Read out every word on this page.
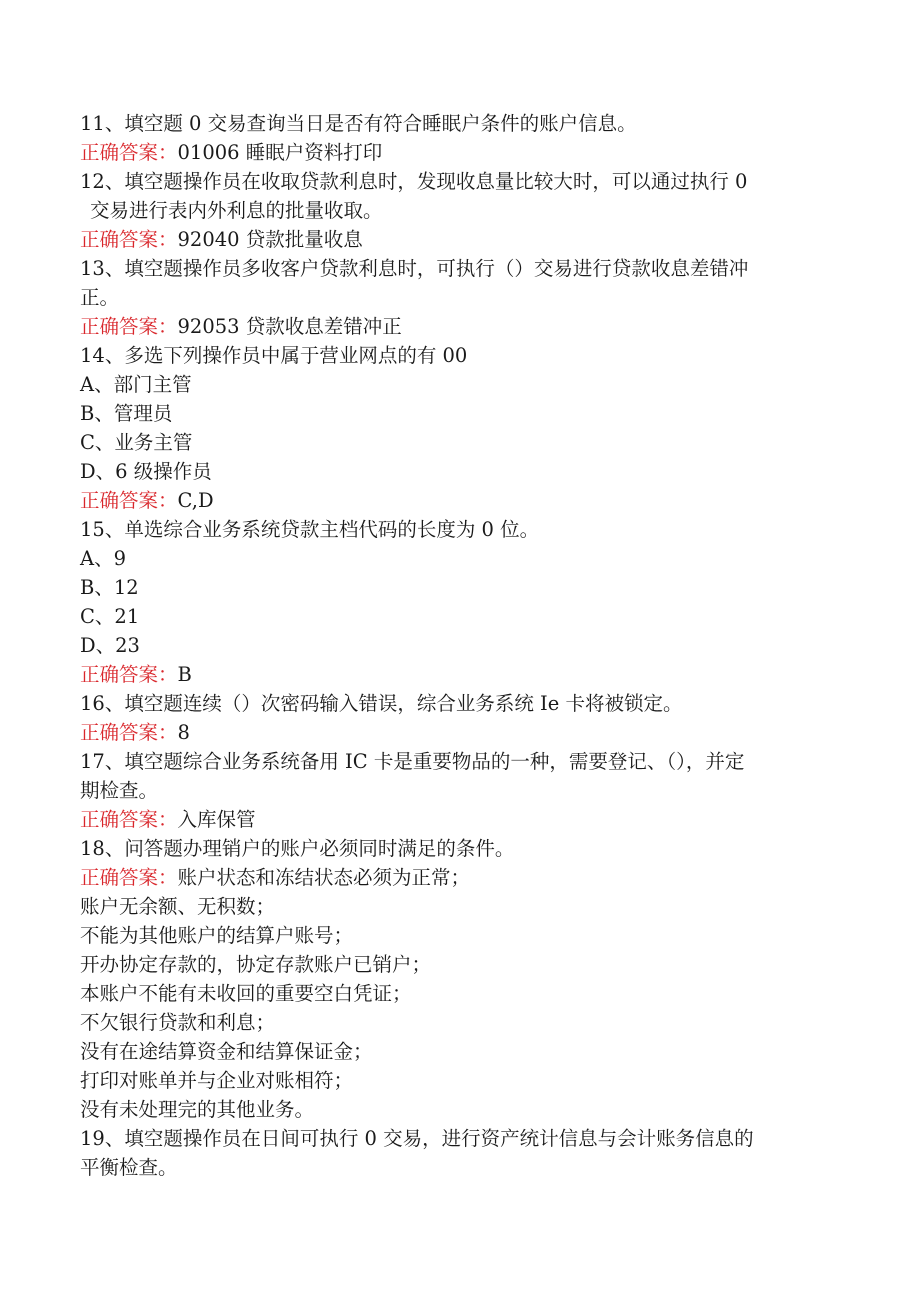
11、填空题 0 交易查询当日是否有符合睡眠户条件的账户信息。

正确答案：01006 睡眠户资料打印

12、填空题操作员在收取贷款利息时，发现收息量比较大时，可以通过执行 0

交易进行表内外利息的批量收取。

正确答案：92040 贷款批量收息

13、填空题操作员多收客户贷款利息时，可执行（）交易进行贷款收息差错冲

正。

正确答案：92053 贷款收息差错冲正

14、多选下列操作员中属于营业网点的有 00

A、部门主管

B、管理员

C、业务主管

D、6 级操作员

正确答案：C,D

15、单选综合业务系统贷款主档代码的长度为 0 位。

A、9

B、12

C、21

D、23

正确答案：B

16、填空题连续（）次密码输入错误，综合业务系统 Ie 卡将被锁定。

正确答案：8

17、填空题综合业务系统备用 IC 卡是重要物品的一种，需要登记、（），并定

期检查。

正确答案：入库保管

18、问答题办理销户的账户必须同时满足的条件。

正确答案：账户状态和冻结状态必须为正常；

账户无余额、无积数；

不能为其他账户的结算户账号；

开办协定存款的，协定存款账户已销户；

本账户不能有未收回的重要空白凭证；

不欠银行贷款和利息；

没有在途结算资金和结算保证金；

打印对账单并与企业对账相符；

没有未处理完的其他业务。

19、填空题操作员在日间可执行 0 交易，进行资产统计信息与会计账务信息的

平衡检查。
